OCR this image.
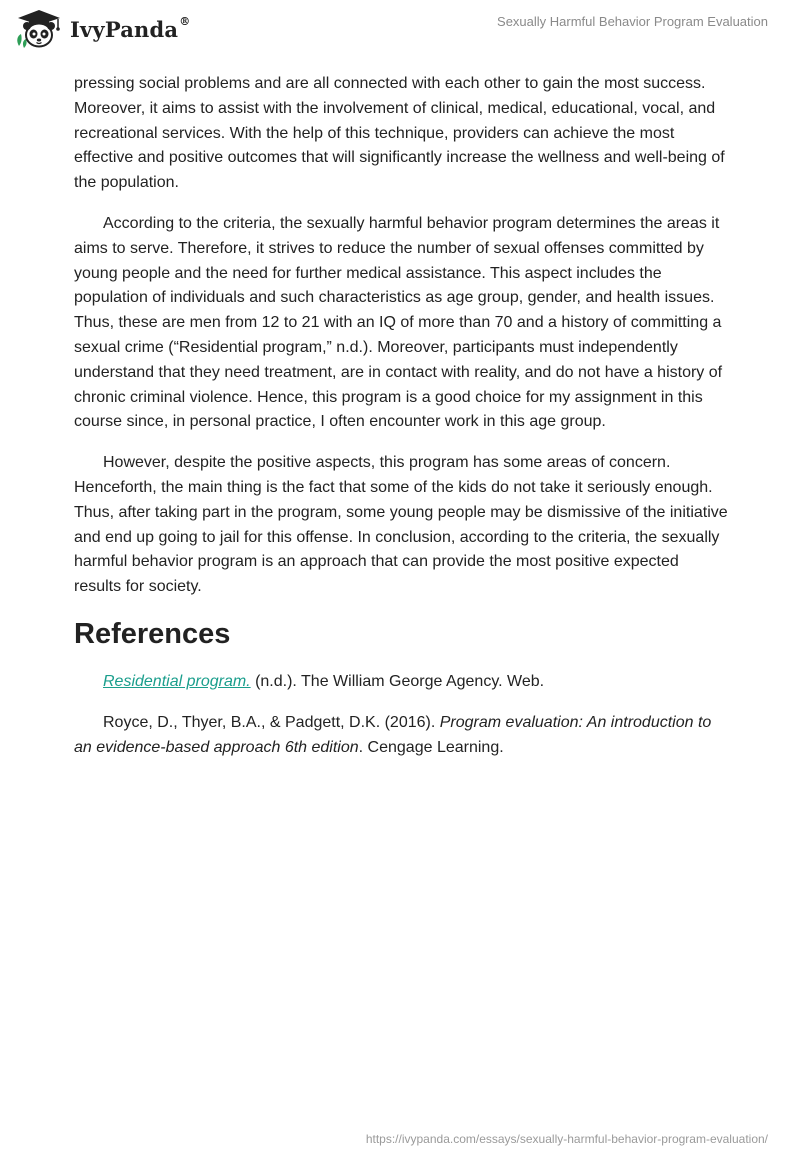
IvyPanda®	Sexually Harmful Behavior Program Evaluation

pressing social problems and are all connected with each other to gain the most success. Moreover, it aims to assist with the involvement of clinical, medical, educational, vocal, and recreational services. With the help of this technique, providers can achieve the most effective and positive outcomes that will significantly increase the wellness and well-being of the population.

According to the criteria, the sexually harmful behavior program determines the areas it aims to serve. Therefore, it strives to reduce the number of sexual offenses committed by young people and the need for further medical assistance. This aspect includes the population of individuals and such characteristics as age group, gender, and health issues. Thus, these are men from 12 to 21 with an IQ of more than 70 and a history of committing a sexual crime (“Residential program,” n.d.). Moreover, participants must independently understand that they need treatment, are in contact with reality, and do not have a history of chronic criminal violence. Hence, this program is a good choice for my assignment in this course since, in personal practice, I often encounter work in this age group.

However, despite the positive aspects, this program has some areas of concern. Henceforth, the main thing is the fact that some of the kids do not take it seriously enough. Thus, after taking part in the program, some young people may be dismissive of the initiative and end up going to jail for this offense. In conclusion, according to the criteria, the sexually harmful behavior program is an approach that can provide the most positive expected results for society.

References
Residential program. (n.d.). The William George Agency. Web.
Royce, D., Thyer, B.A., & Padgett, D.K. (2016). Program evaluation: An introduction to an evidence-based approach 6th edition. Cengage Learning.
https://ivypanda.com/essays/sexually-harmful-behavior-program-evaluation/
